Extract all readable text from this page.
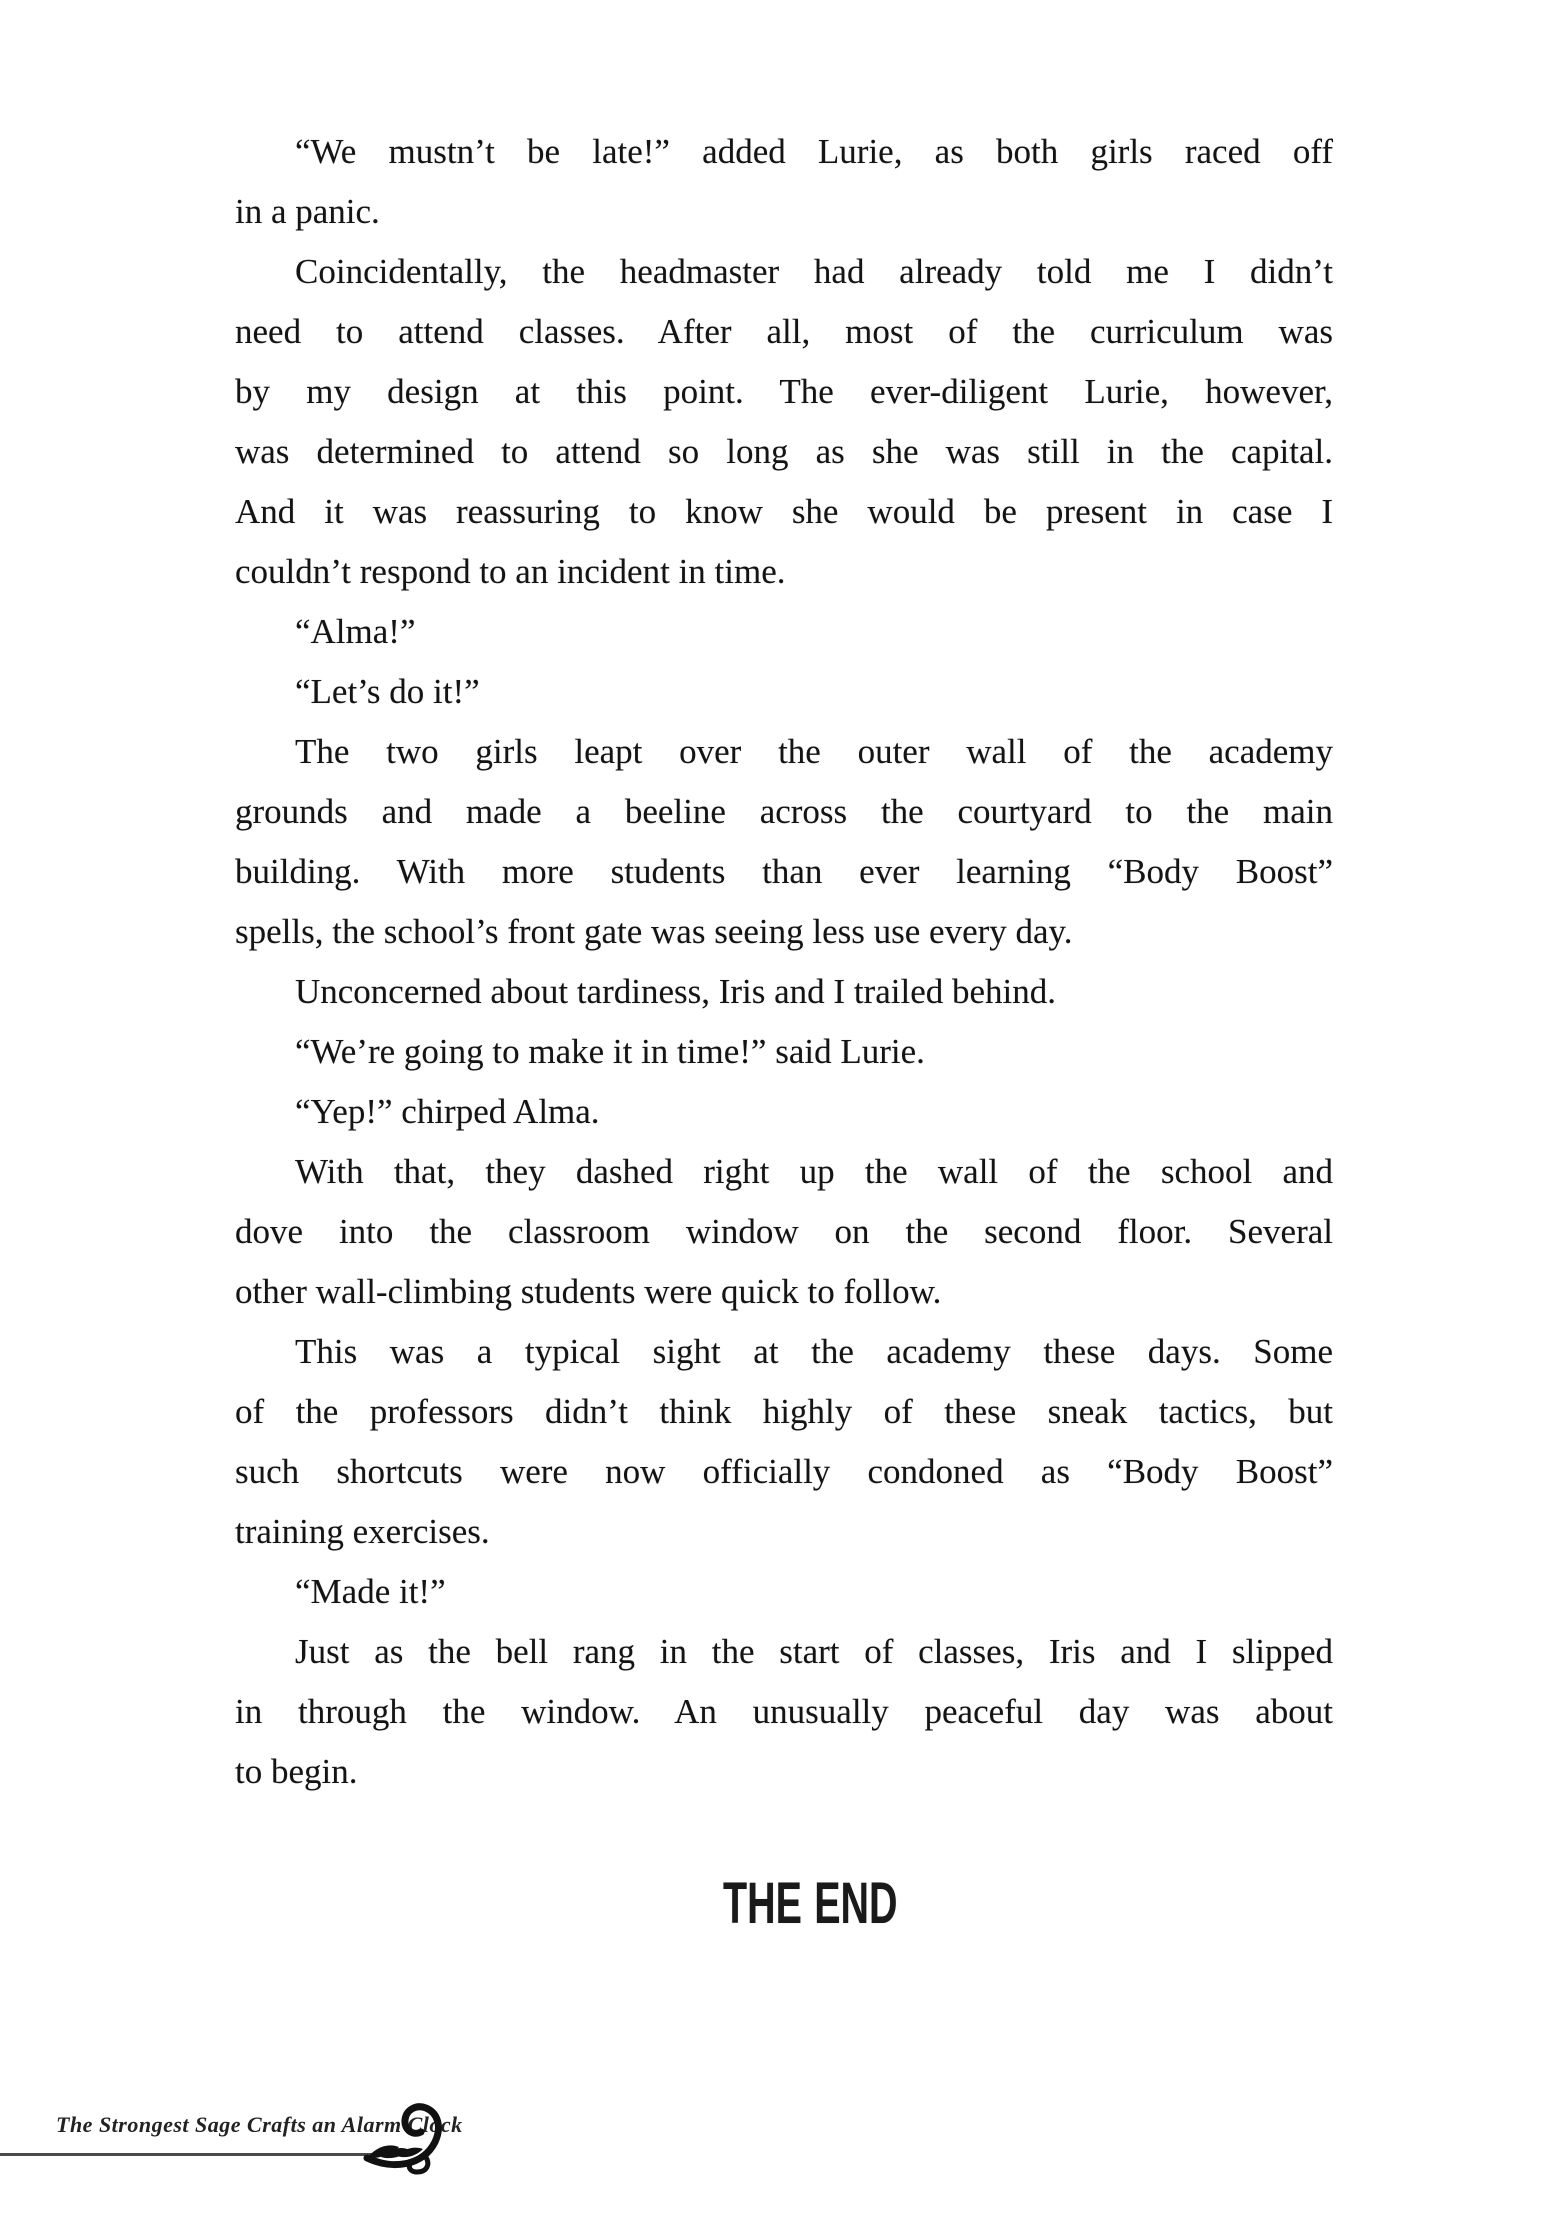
“We mustn’t be late!” added Lurie, as both girls raced off
in a panic.
Coincidentally, the headmaster had already told me I didn’t
need to attend classes. After all, most of the curriculum was
by my design at this point. The ever-diligent Lurie, however,
was determined to attend so long as she was still in the capital.
And it was reassuring to know she would be present in case I
couldn’t respond to an incident in time.
“Alma!”
“Let’s do it!”
The two girls leapt over the outer wall of the academy
grounds and made a beeline across the courtyard to the main
building. With more students than ever learning “Body Boost”
spells, the school’s front gate was seeing less use every day.
Unconcerned about tardiness, Iris and I trailed behind.
“We’re going to make it in time!” said Lurie.
“Yep!” chirped Alma.
With that, they dashed right up the wall of the school and
dove into the classroom window on the second floor. Several
other wall-climbing students were quick to follow.
This was a typical sight at the academy these days. Some
of the professors didn’t think highly of these sneak tactics, but
such shortcuts were now officially condoned as “Body Boost”
training exercises.
“Made it!”
Just as the bell rang in the start of classes, Iris and I slipped
in through the window. An unusually peaceful day was about
to begin.
THE END
The Strongest Sage Crafts an Alarm Clock
